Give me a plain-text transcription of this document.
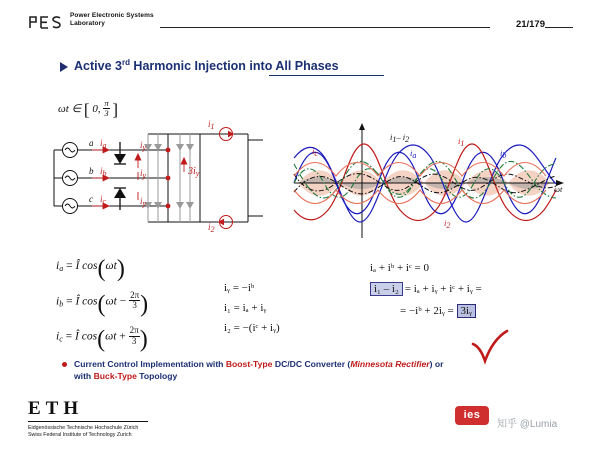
Power Electronic Systems
Laboratory	21/179
Active 3rd Harmonic Injection into All Phases
ωt ∈ [ 0, $\frac{\pi}{3}$ ]
a
b
c
ia
ib
ic
iy
iy
iy
$3i_y$
i1
i2
ic
i1– i2
ia
i1
ib
i2
ωt
$i_a$ = Î cos(ωt)
$i_b$ = Î $\cos(\omega t - \frac{2\pi}{3}$ )
$i_c$ = Î $\cos(\omega t + \frac{2\pi}{3}$ )
iᵧ = −iᵇ
i₁ = iₐ + iᵧ
i₂ = −(iᶜ + iᵧ)
iₐ + iᵇ + iᶜ = 0
i₁ – i₂ = iₐ + iᵧ + iᶜ + iᵧ =
= −iᵇ + 2iᵧ = 3iᵧ
Current Control Implementation with Boost-Type DC/DC Converter (Minnesota Rectifier) or
with Buck-Type Topology
ETH
Eidgenössische Technische Hochschule Zürich
Swiss Federal Institute of Technology Zurich
ies
知乎 @Lumia
